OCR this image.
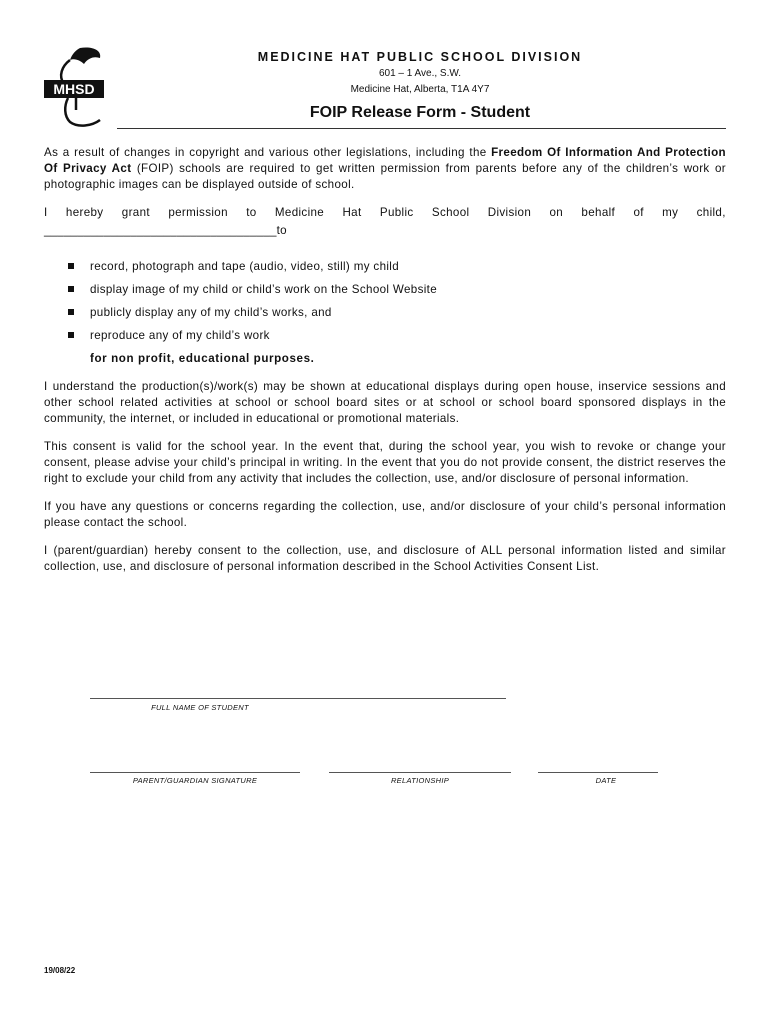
MHSD
MEDICINE HAT PUBLIC SCHOOL DIVISION
601 – 1 Ave., S.W.
Medicine Hat, Alberta, T1A 4Y7
FOIP Release Form - Student

As a result of changes in copyright and various other legislations, including the Freedom Of Information And Protection Of Privacy Act (FOIP) schools are required to get written permission from parents before any of the children’s work or photographic images can be displayed outside of school.

I hereby grant permission to Medicine Hat Public School Division on behalf of my child,
___________________________________to
record, photograph and tape (audio, video, still) my child
display image of my child or child’s work on the School Website
publicly display any of my child’s works, and
reproduce any of my child’s work
for non profit, educational purposes.

I understand the production(s)/work(s) may be shown at educational displays during open house, inservice sessions and other school related activities at school or school board sites or at school or school board sponsored displays in the community, the internet, or included in educational or promotional materials.

This consent is valid for the school year. In the event that, during the school year, you wish to revoke or change your consent, please advise your child’s principal in writing. In the event that you do not provide consent, the district reserves the right to exclude your child from any activity that includes the collection, use, and/or disclosure of personal information.

If you have any questions or concerns regarding the collection, use, and/or disclosure of your child’s personal information please contact the school.

I (parent/guardian) hereby consent to the collection, use, and disclosure of ALL personal information listed and similar collection, use, and disclosure of personal information described in the School Activities Consent List.

FULL NAME OF STUDENT
PARENT/GUARDIAN SIGNATURE	RELATIONSHIP	DATE
19/08/22
